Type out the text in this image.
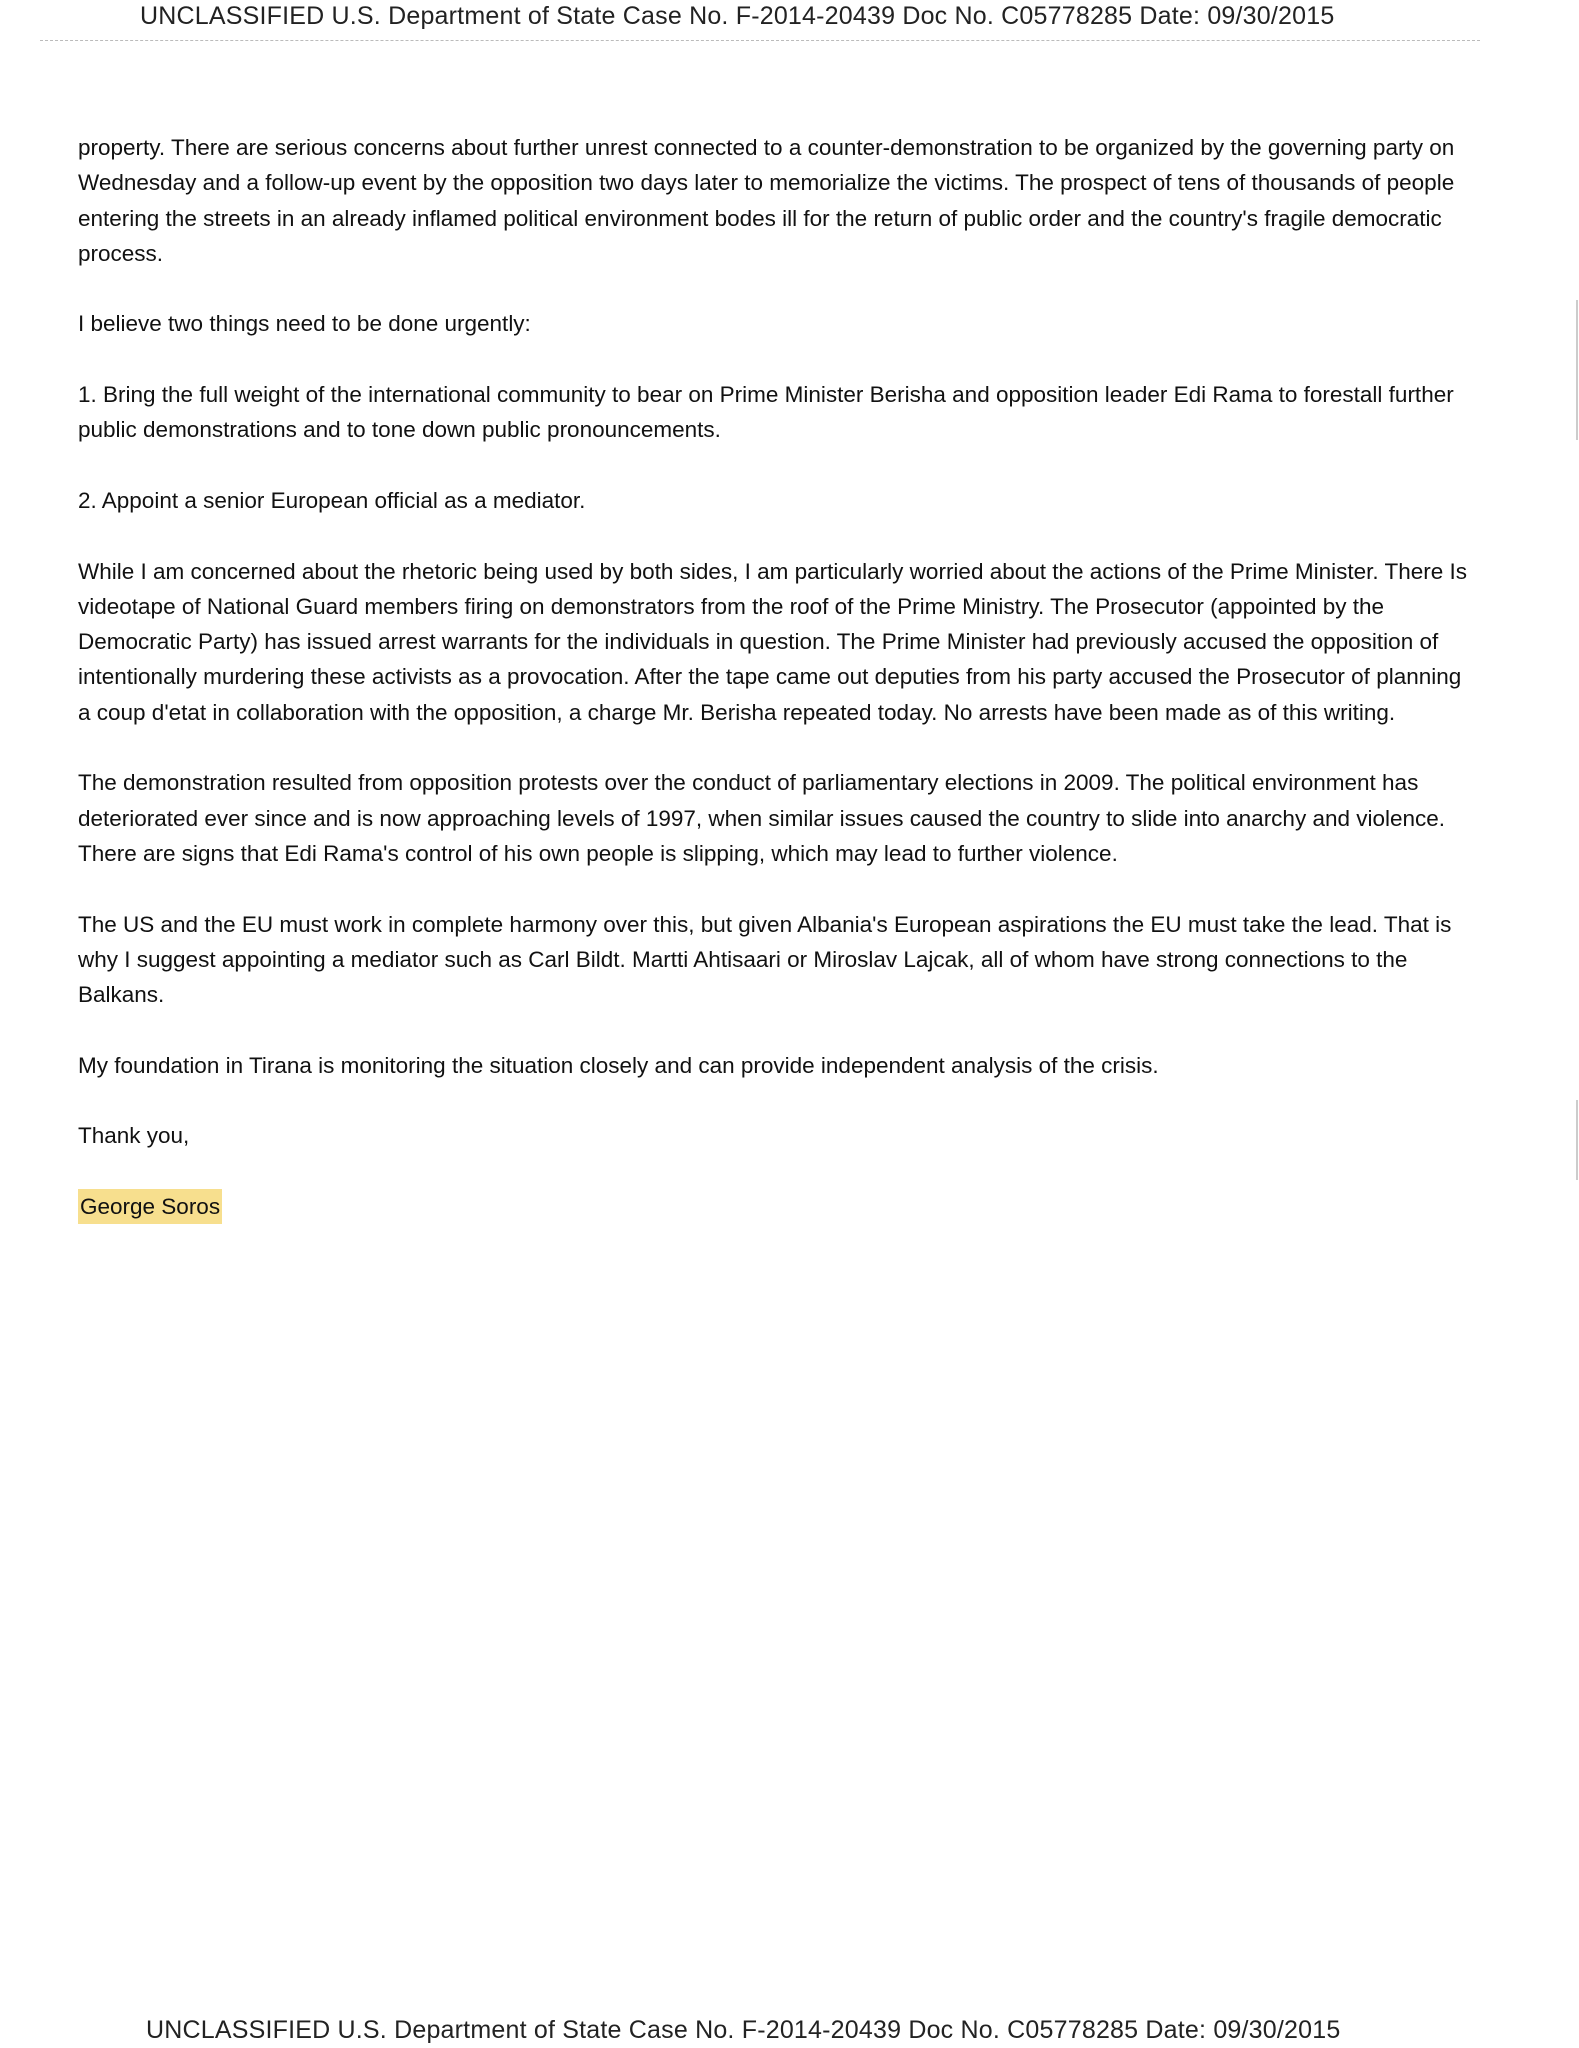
UNCLASSIFIED U.S. Department of State Case No. F-2014-20439 Doc No. C05778285 Date: 09/30/2015

property. There are serious concerns about further unrest connected to a counter-demonstration to be organized by the governing party on Wednesday and a follow-up event by the opposition two days later to memorialize the victims. The prospect of tens of thousands of people entering the streets in an already inflamed political environment bodes ill for the return of public order and the country's fragile democratic process.

I believe two things need to be done urgently:

1. Bring the full weight of the international community to bear on Prime Minister Berisha and opposition leader Edi Rama to forestall further public demonstrations and to tone down public pronouncements.

2. Appoint a senior European official as a mediator.

While I am concerned about the rhetoric being used by both sides, I am particularly worried about the actions of the Prime Minister. There Is videotape of National Guard members firing on demonstrators from the roof of the Prime Ministry. The Prosecutor (appointed by the Democratic Party) has issued arrest warrants for the individuals in question. The Prime Minister had previously accused the opposition of intentionally murdering these activists as a provocation. After the tape came out deputies from his party accused the Prosecutor of planning a coup d'etat in collaboration with the opposition, a charge Mr. Berisha repeated today. No arrests have been made as of this writing.

The demonstration resulted from opposition protests over the conduct of parliamentary elections in 2009. The political environment has deteriorated ever since and is now approaching levels of 1997, when similar issues caused the country to slide into anarchy and violence. There are signs that Edi Rama's control of his own people is slipping, which may lead to further violence.

The US and the EU must work in complete harmony over this, but given Albania's European aspirations the EU must take the lead. That is why I suggest appointing a mediator such as Carl Bildt. Martti Ahtisaari or Miroslav Lajcak, all of whom have strong connections to the Balkans.

My foundation in Tirana is monitoring the situation closely and can provide independent analysis of the crisis.

Thank you,

George Soros

UNCLASSIFIED U.S. Department of State Case No. F-2014-20439 Doc No. C05778285 Date: 09/30/2015
